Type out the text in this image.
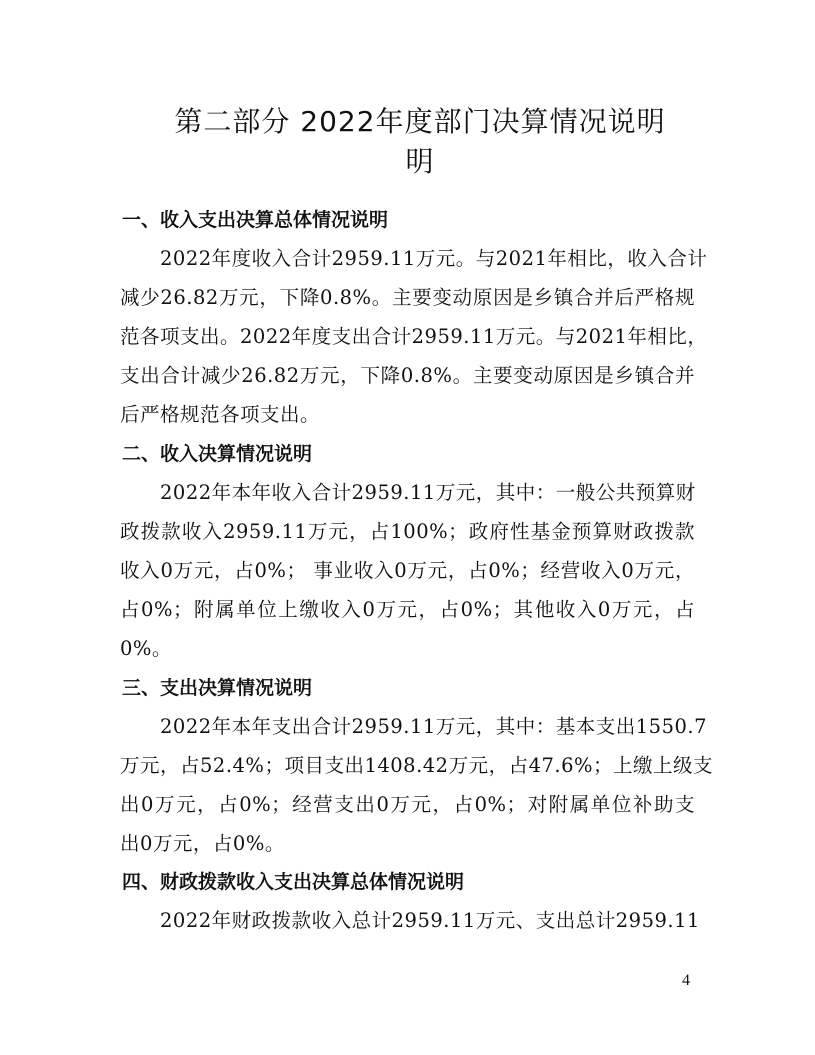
第二部分 2022年度部门决算情况说明
明
一、收入支出决算总体情况说明
2022年度收入合计2959.11万元。与2021年相比，收入合计
减少26.82万元，下降0.8%。主要变动原因是乡镇合并后严格规
范各项支出。2022年度支出合计2959.11万元。与2021年相比，
支出合计减少26.82万元，下降0.8%。主要变动原因是乡镇合并
后严格规范各项支出。
二、收入决算情况说明
2022年本年收入合计2959.11万元，其中：一般公共预算财
政拨款收入2959.11万元，占100%；政府性基金预算财政拨款
收入0万元，占0%； 事业收入0万元，占0%；经营收入0万元，
占0%；附属单位上缴收入0万元，占0%；其他收入0万元，占
0%。
三、支出决算情况说明
2022年本年支出合计2959.11万元，其中：基本支出1550.7
万元，占52.4%；项目支出1408.42万元，占47.6%；上缴上级支
出0万元，占0%；经营支出0万元，占0%；对附属单位补助支
出0万元，占0%。
四、财政拨款收入支出决算总体情况说明
2022年财政拨款收入总计2959.11万元、支出总计2959.11
4
